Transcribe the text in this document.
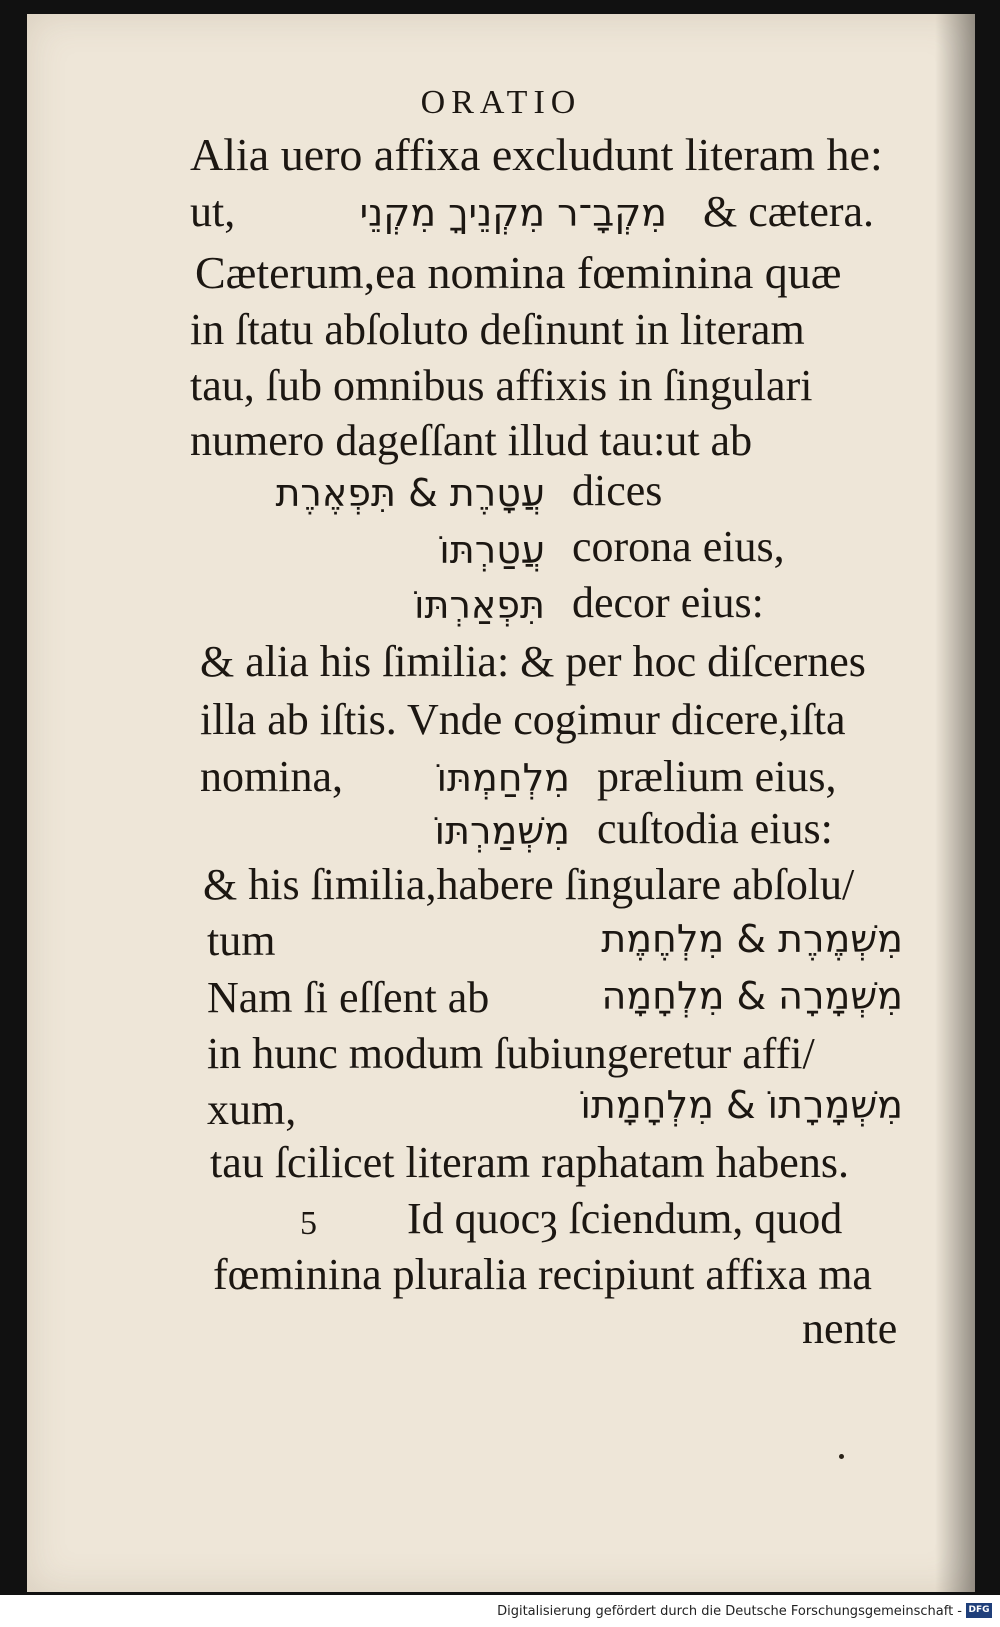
ORATIO
Alia uero affixa excludunt literam he:
ut,	מִקְבָ־ר מִקְנֵיךָ מִקְנֵי & cætera.
Cæterum,ea nomina fœminina quæ
in ſtatu abſoluto deſinunt in literam
tau, ſub omnibus affixis in ſingulari
numero dageſſant illud tau:ut ab
עֲטָרֶת & תִּפְאֶרֶת dices
עֲטַרְתּוֹ corona eius,
תִּפְאַרְתּוֹ decor eius:
& alia his ſimilia: & per hoc diſcernes
illa ab iſtis. Vnde cogimur dicere,iſta
nomina, מִלְחַמְתּוֹ prælium eius,
מִשְׁמַרְתּוֹ cuſtodia eius:
& his ſimilia,habere ſingulare abſolu/
tum	מִשְׁמֶרֶת & מִלְחֶמֶת
Nam ſi eſſent ab	מִשְׁמָרָה & מִלְחָמָה
in hunc modum ſubiungeretur affi/
xum,	מִשְׁמָרָתוֹ & מִלְחָמָתוֹ
tau ſcilicet literam raphatam habens.
5 Id quocȝ ſciendum, quod
fœminina pluralia recipiunt affixa ma
nente
Digitalisierung gefördert durch die Deutsche Forschungsgemeinschaft - DFG
